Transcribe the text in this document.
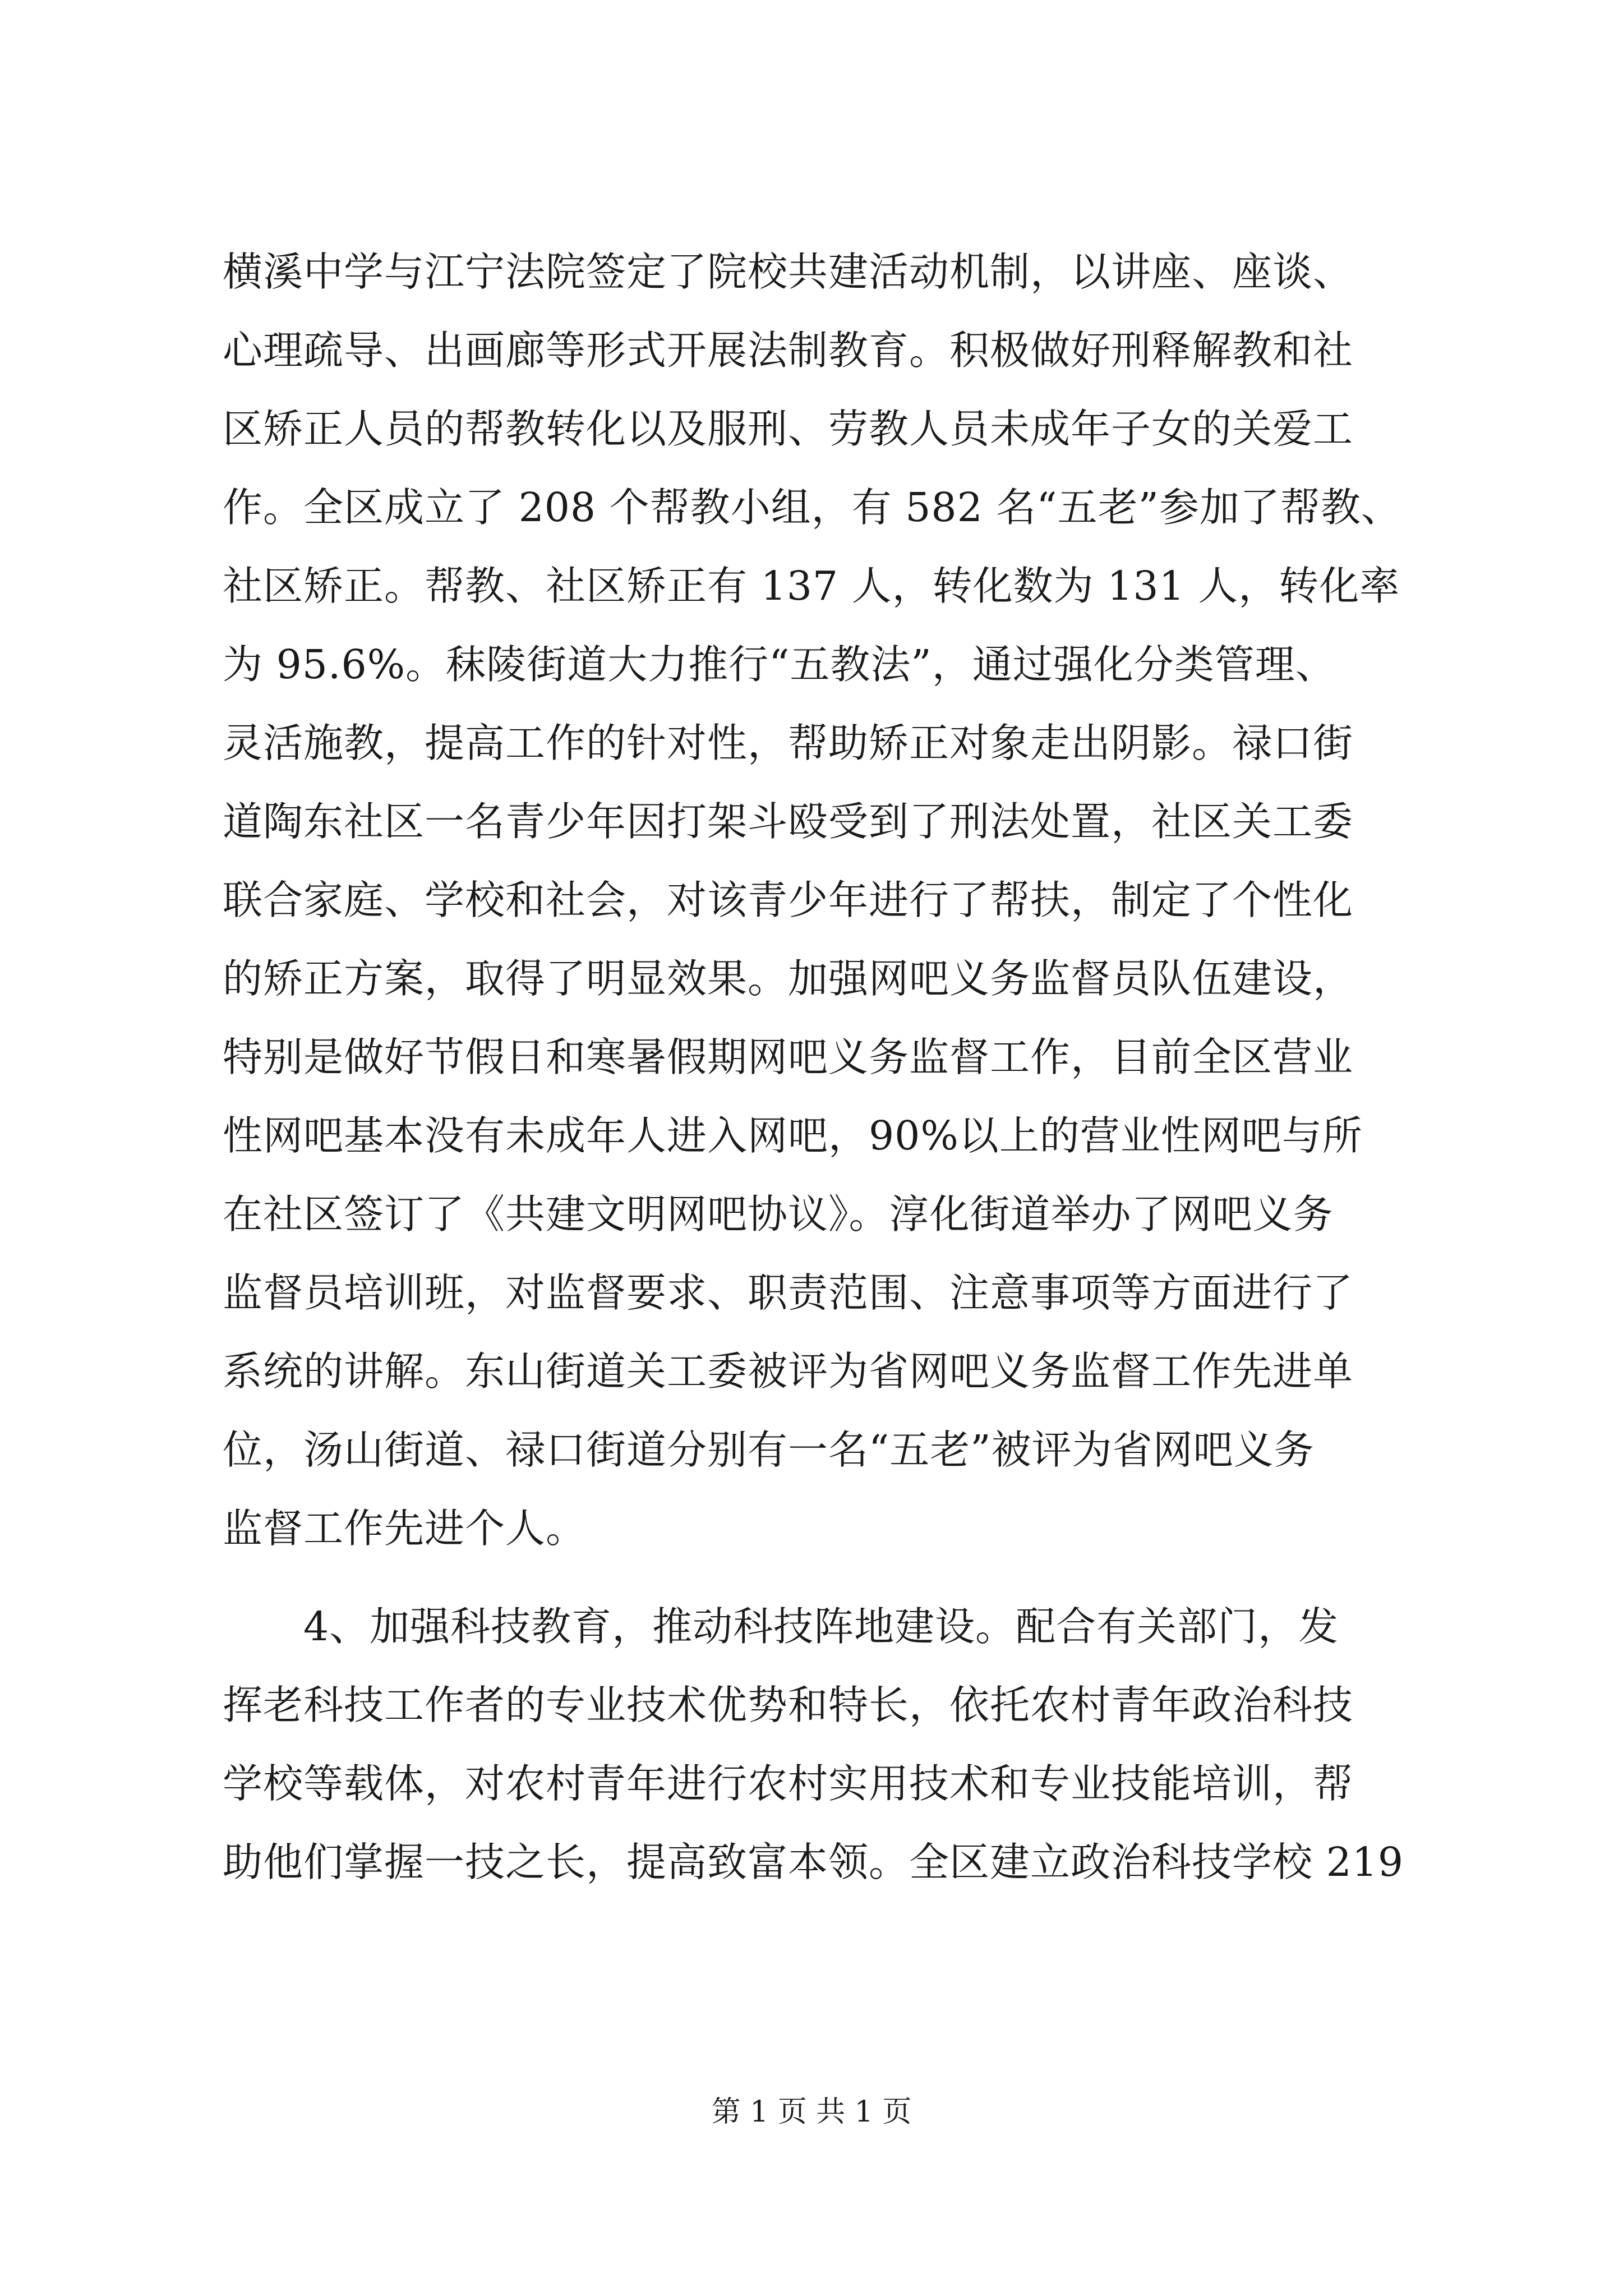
横溪中学与江宁法院签定了院校共建活动机制，以讲座、座谈、
心理疏导、出画廊等形式开展法制教育。积极做好刑释解教和社
区矫正人员的帮教转化以及服刑、劳教人员未成年子女的关爱工
作。全区成立了 208 个帮教小组，有 582 名“五老”参加了帮教、
社区矫正。帮教、社区矫正有 137 人，转化数为 131 人，转化率
为 95.6%。秣陵街道大力推行“五教法”，通过强化分类管理、
灵活施教，提高工作的针对性，帮助矫正对象走出阴影。禄口街
道陶东社区一名青少年因打架斗殴受到了刑法处置，社区关工委
联合家庭、学校和社会，对该青少年进行了帮扶，制定了个性化
的矫正方案，取得了明显效果。加强网吧义务监督员队伍建设，
特别是做好节假日和寒暑假期网吧义务监督工作，目前全区营业
性网吧基本没有未成年人进入网吧，90%以上的营业性网吧与所
在社区签订了《共建文明网吧协议》。淳化街道举办了网吧义务
监督员培训班，对监督要求、职责范围、注意事项等方面进行了
系统的讲解。东山街道关工委被评为省网吧义务监督工作先进单
位，汤山街道、禄口街道分别有一名“五老”被评为省网吧义务
监督工作先进个人。
　　4、加强科技教育，推动科技阵地建设。配合有关部门，发
挥老科技工作者的专业技术优势和特长，依托农村青年政治科技
学校等载体，对农村青年进行农村实用技术和专业技能培训，帮
助他们掌握一技之长，提高致富本领。全区建立政治科技学校 219
第 1 页 共 1 页
